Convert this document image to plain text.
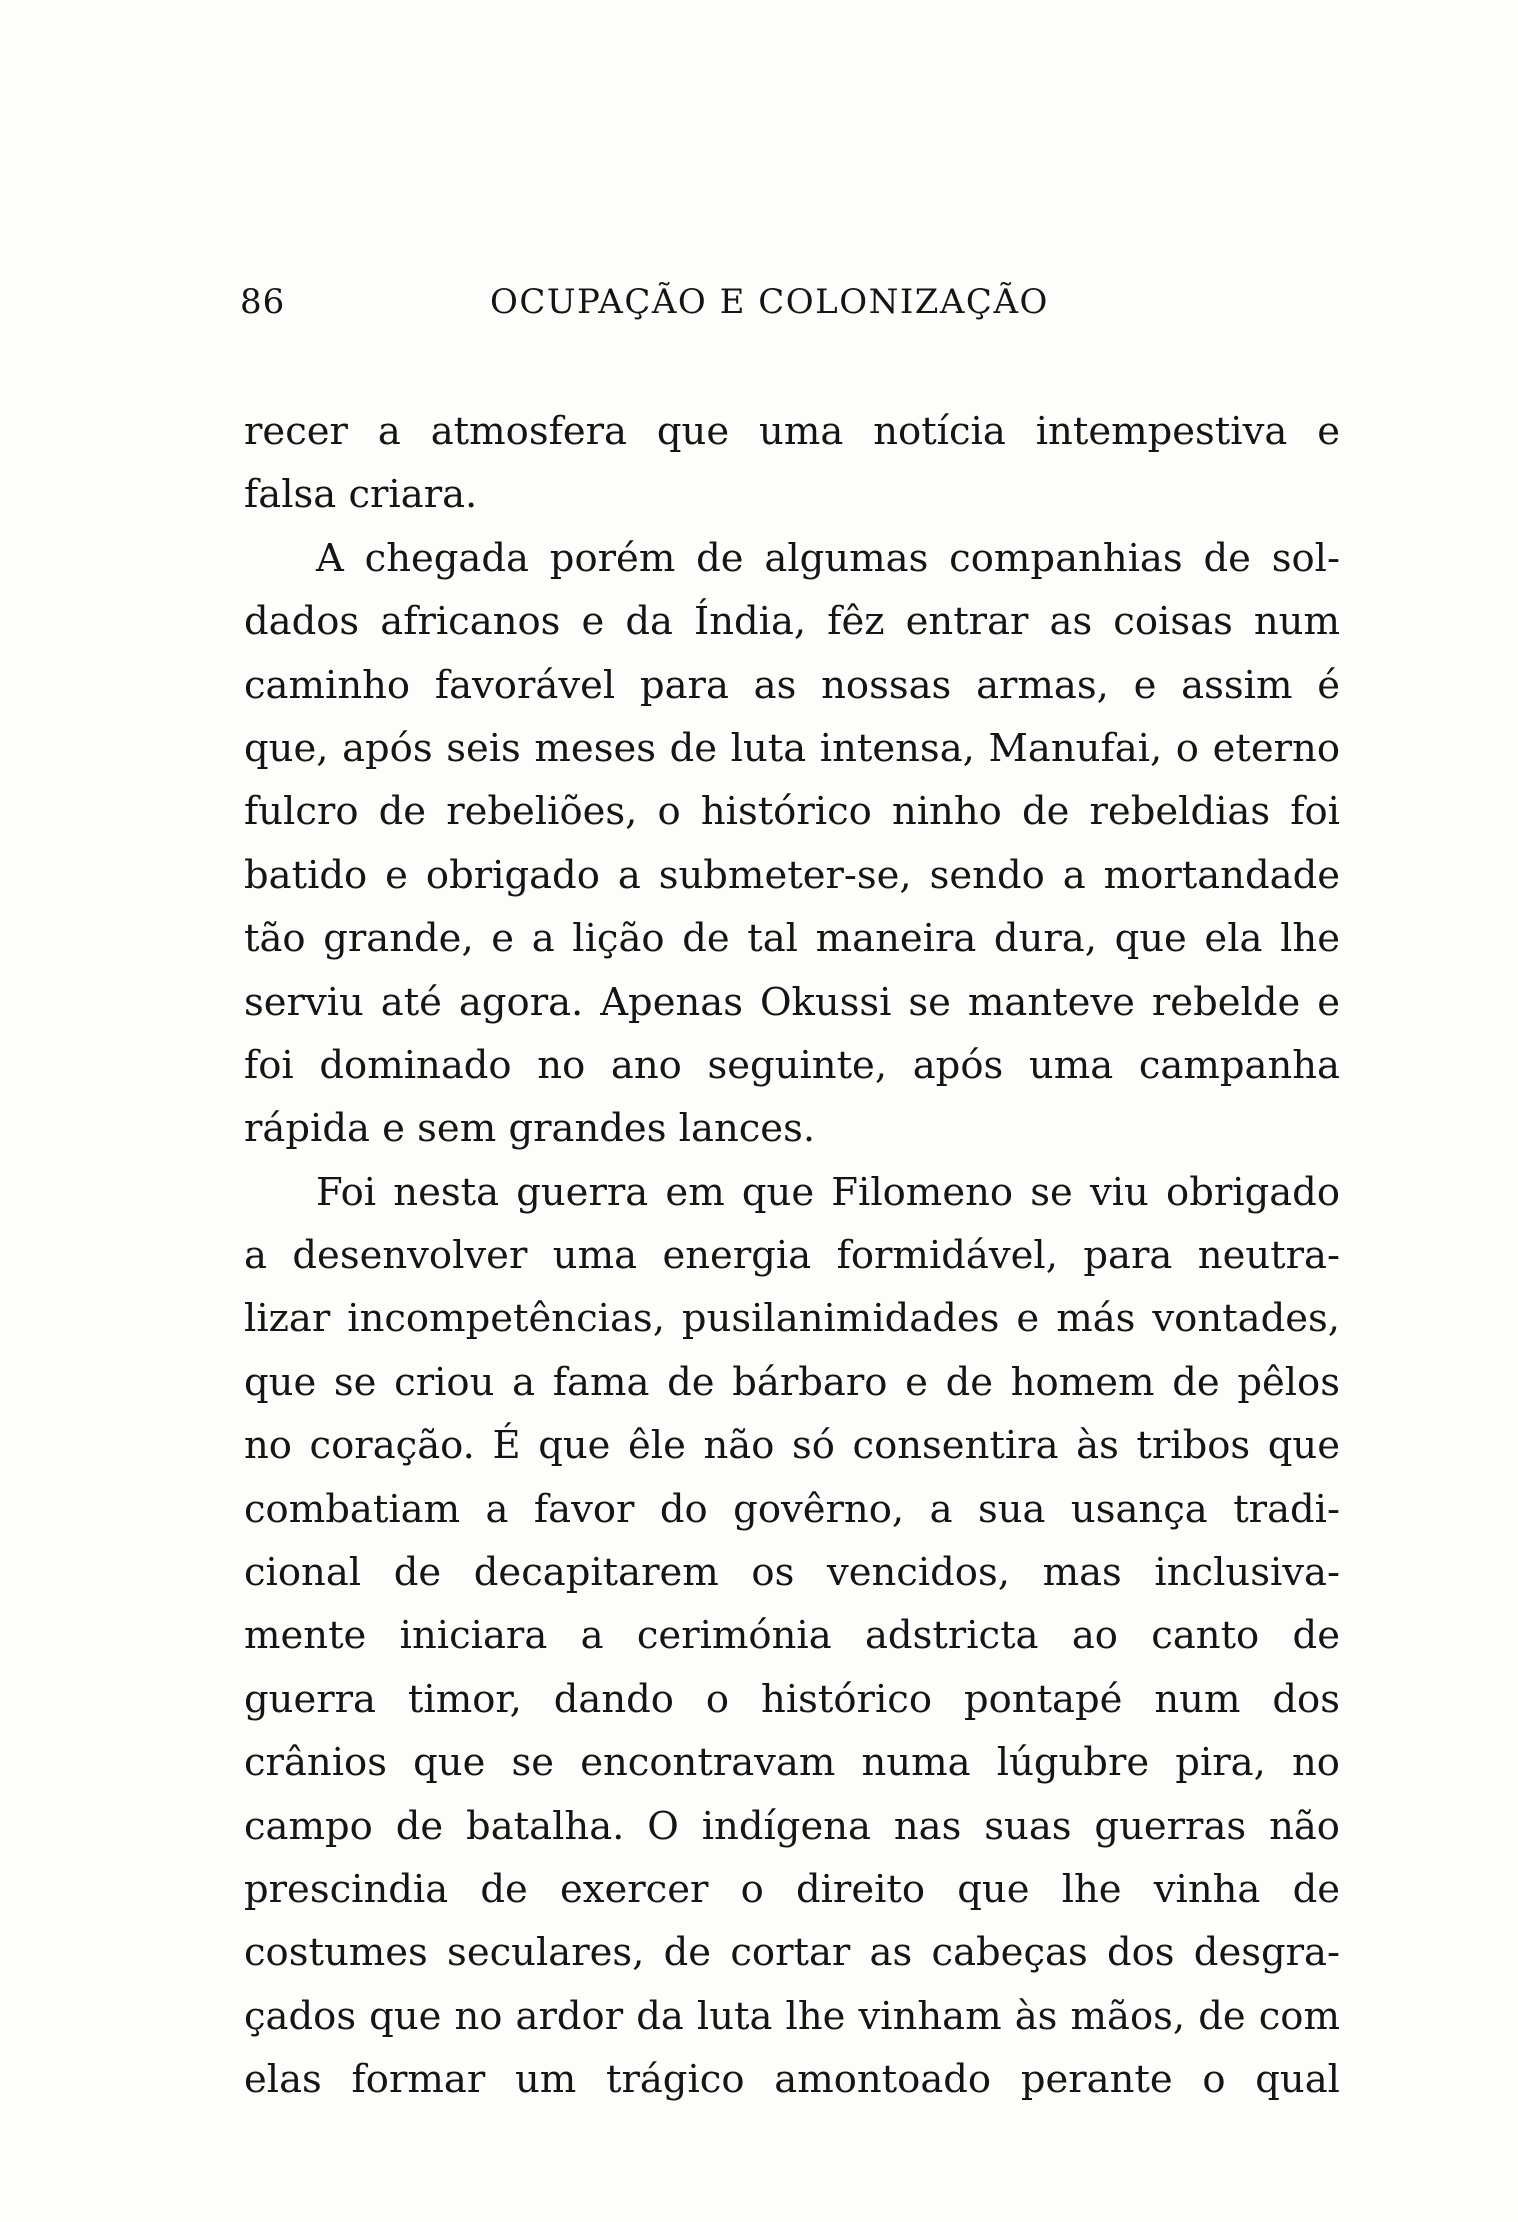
86	OCUPAÇÃO E COLONIZAÇÃO
recer a atmosfera que uma notícia intempestiva e
falsa criara.
A chegada porém de algumas companhias de sol-
dados africanos e da Índia, fêz entrar as coisas num
caminho favorável para as nossas armas, e assim é
que, após seis meses de luta intensa, Manufai, o eterno
fulcro de rebeliões, o histórico ninho de rebeldias foi
batido e obrigado a submeter-se, sendo a mortandade
tão grande, e a lição de tal maneira dura, que ela lhe
serviu até agora. Apenas Okussi se manteve rebelde e
foi dominado no ano seguinte, após uma campanha
rápida e sem grandes lances.
Foi nesta guerra em que Filomeno se viu obrigado
a desenvolver uma energia formidável, para neutra-
lizar incompetências, pusilanimidades e más vontades,
que se criou a fama de bárbaro e de homem de pêlos
no coração. É que êle não só consentira às tribos que
combatiam a favor do govêrno, a sua usança tradi-
cional de decapitarem os vencidos, mas inclusiva-
mente iniciara a cerimónia adstricta ao canto de
guerra timor, dando o histórico pontapé num dos
crânios que se encontravam numa lúgubre pira, no
campo de batalha. O indígena nas suas guerras não
prescindia de exercer o direito que lhe vinha de
costumes seculares, de cortar as cabeças dos desgra-
çados que no ardor da luta lhe vinham às mãos, de com
elas formar um trágico amontoado perante o qual
